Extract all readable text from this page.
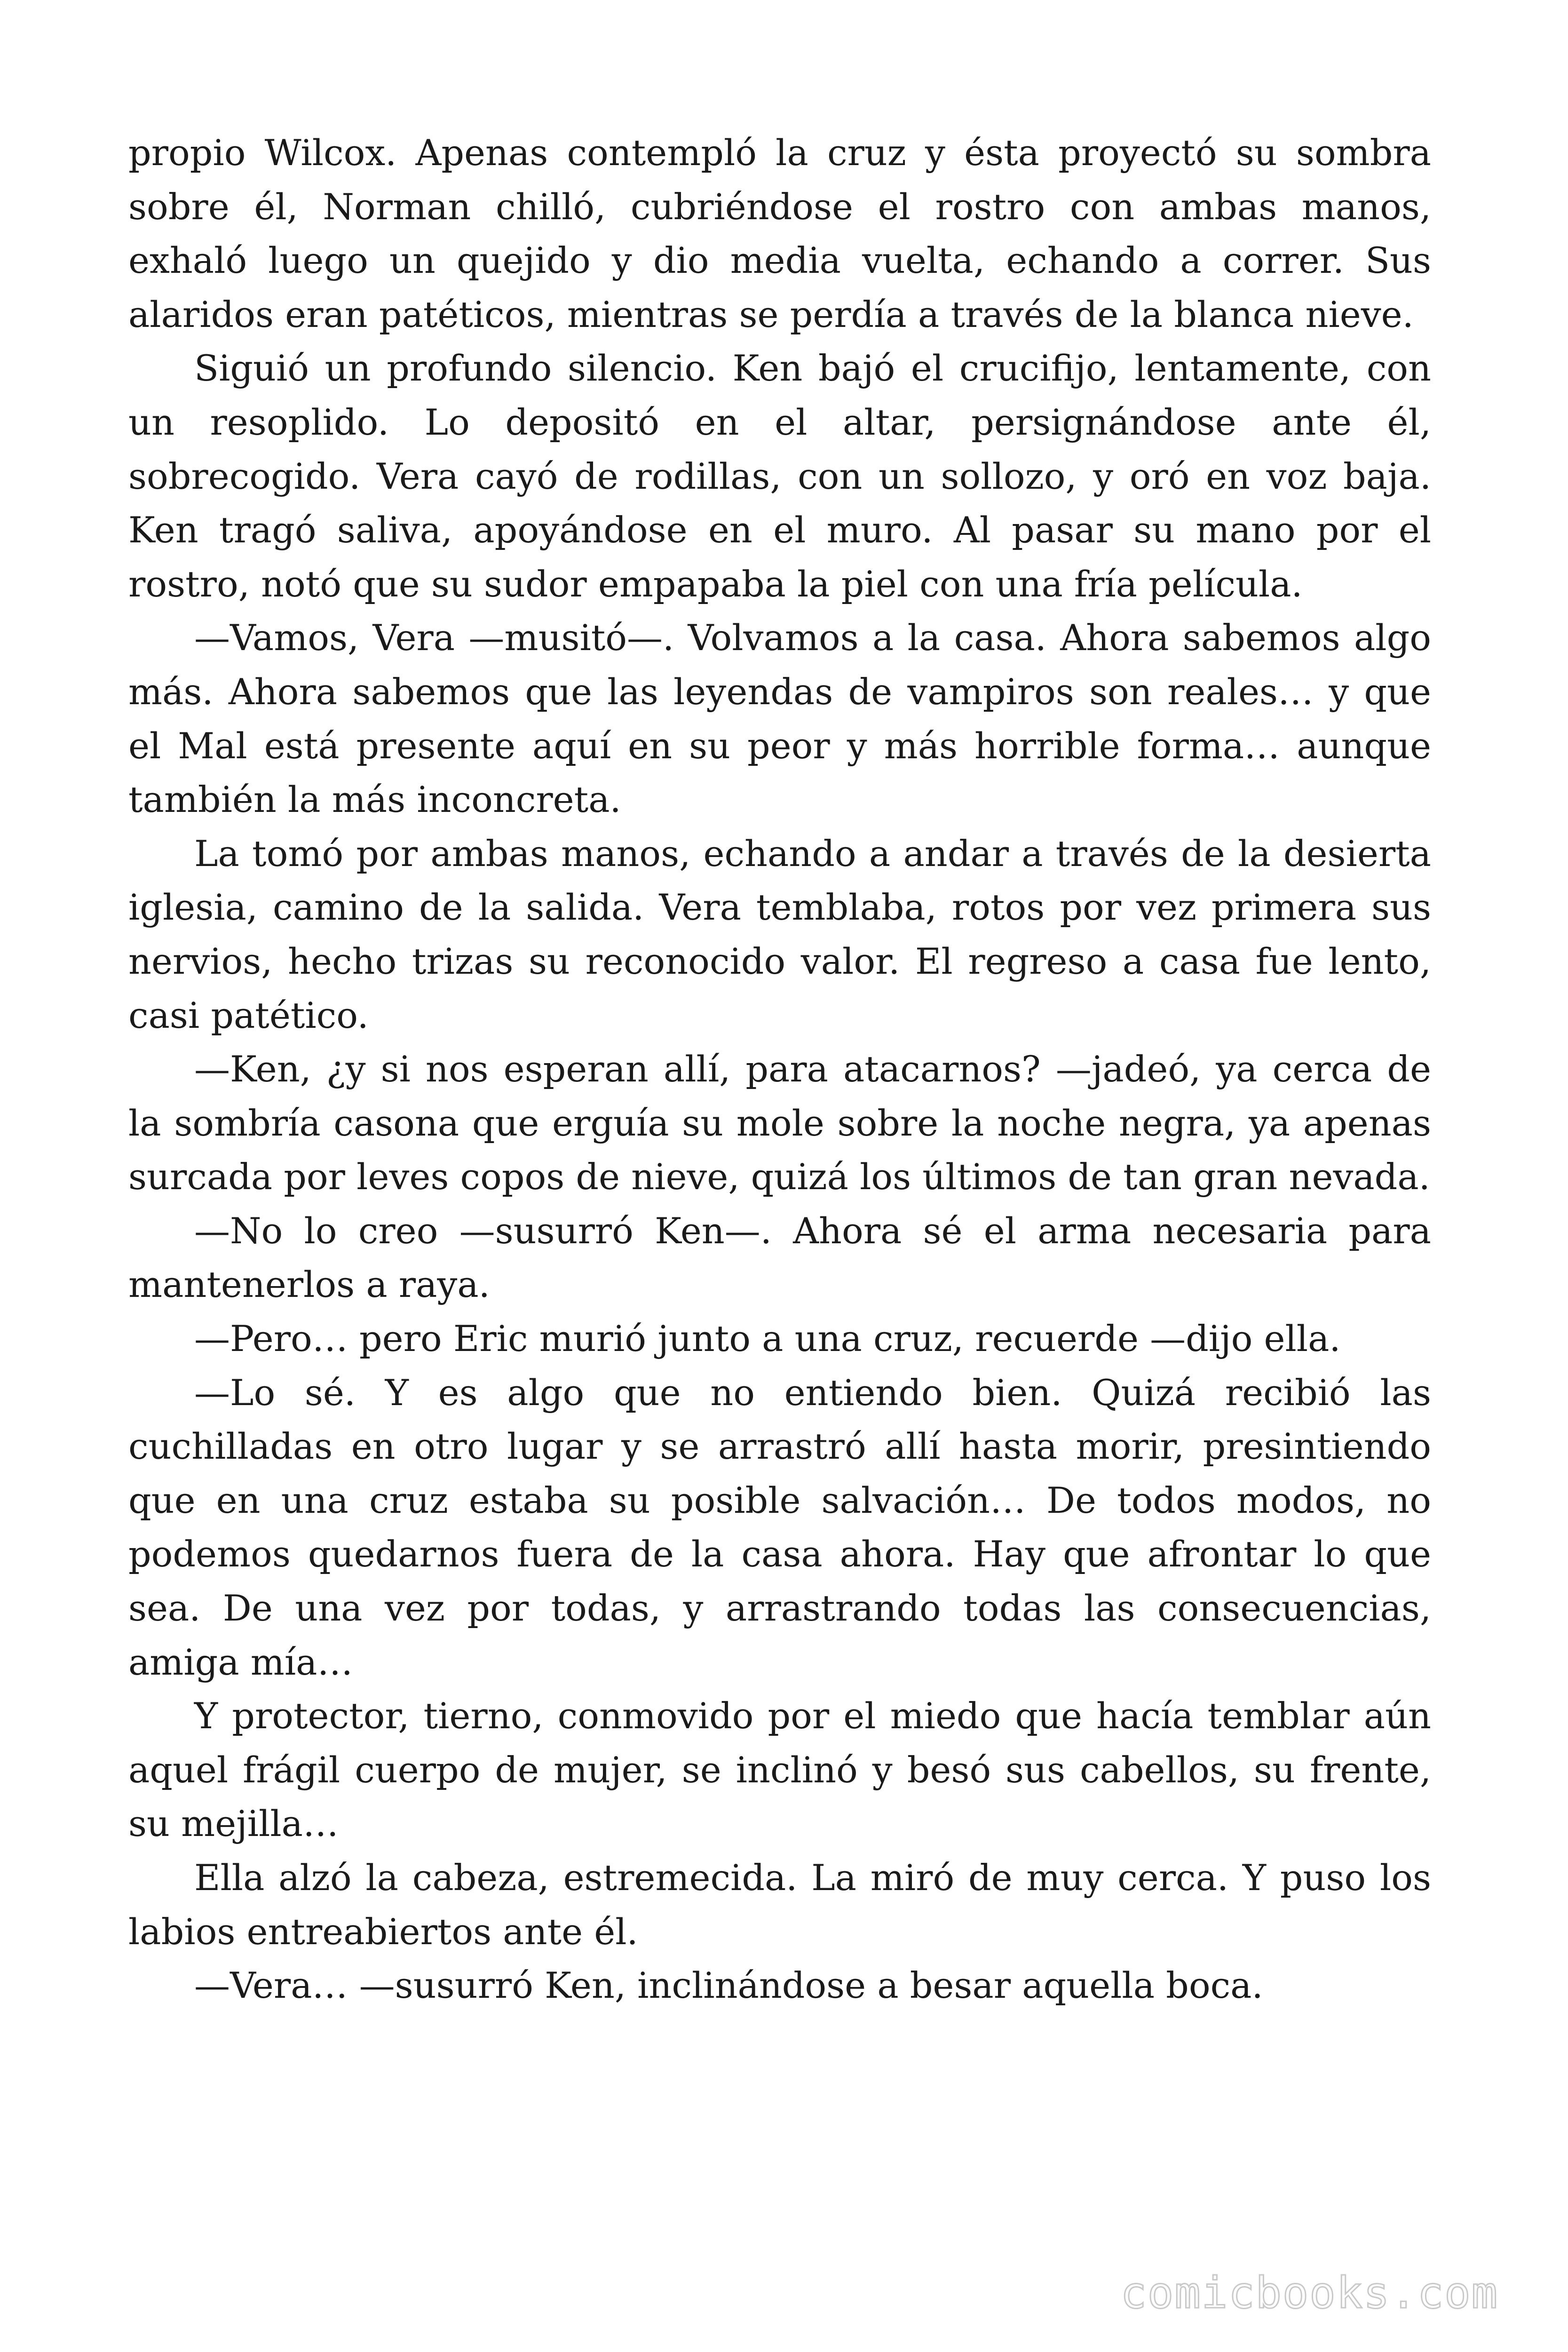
propio Wilcox. Apenas contempló la cruz y ésta proyectó su sombra sobre él, Norman chilló, cubriéndose el rostro con ambas manos, exhaló luego un quejido y dio media vuelta, echando a correr. Sus alaridos eran patéticos, mientras se perdía a través de la blanca nieve.

Siguió un profundo silencio. Ken bajó el crucifijo, lentamente, con un resoplido. Lo depositó en el altar, persignándose ante él, sobrecogido. Vera cayó de rodillas, con un sollozo, y oró en voz baja. Ken tragó saliva, apoyándose en el muro. Al pasar su mano por el rostro, notó que su sudor empapaba la piel con una fría película.

—Vamos, Vera —musitó—. Volvamos a la casa. Ahora sabemos algo más. Ahora sabemos que las leyendas de vampiros son reales… y que el Mal está presente aquí en su peor y más horrible forma… aunque también la más inconcreta.

La tomó por ambas manos, echando a andar a través de la desierta iglesia, camino de la salida. Vera temblaba, rotos por vez primera sus nervios, hecho trizas su reconocido valor. El regreso a casa fue lento, casi patético.

—Ken, ¿y si nos esperan allí, para atacarnos? —jadeó, ya cerca de la sombría casona que erguía su mole sobre la noche negra, ya apenas surcada por leves copos de nieve, quizá los últimos de tan gran nevada.

—No lo creo —susurró Ken—. Ahora sé el arma necesaria para mantenerlos a raya.

—Pero… pero Eric murió junto a una cruz, recuerde —dijo ella.

—Lo sé. Y es algo que no entiendo bien. Quizá recibió las cuchilladas en otro lugar y se arrastró allí hasta morir, presintiendo que en una cruz estaba su posible salvación… De todos modos, no podemos quedarnos fuera de la casa ahora. Hay que afrontar lo que sea. De una vez por todas, y arrastrando todas las consecuencias, amiga mía…

Y protector, tierno, conmovido por el miedo que hacía temblar aún aquel frágil cuerpo de mujer, se inclinó y besó sus cabellos, su frente, su mejilla…

Ella alzó la cabeza, estremecida. La miró de muy cerca. Y puso los labios entreabiertos ante él.

—Vera… —susurró Ken, inclinándose a besar aquella boca.

comicbooks.com
